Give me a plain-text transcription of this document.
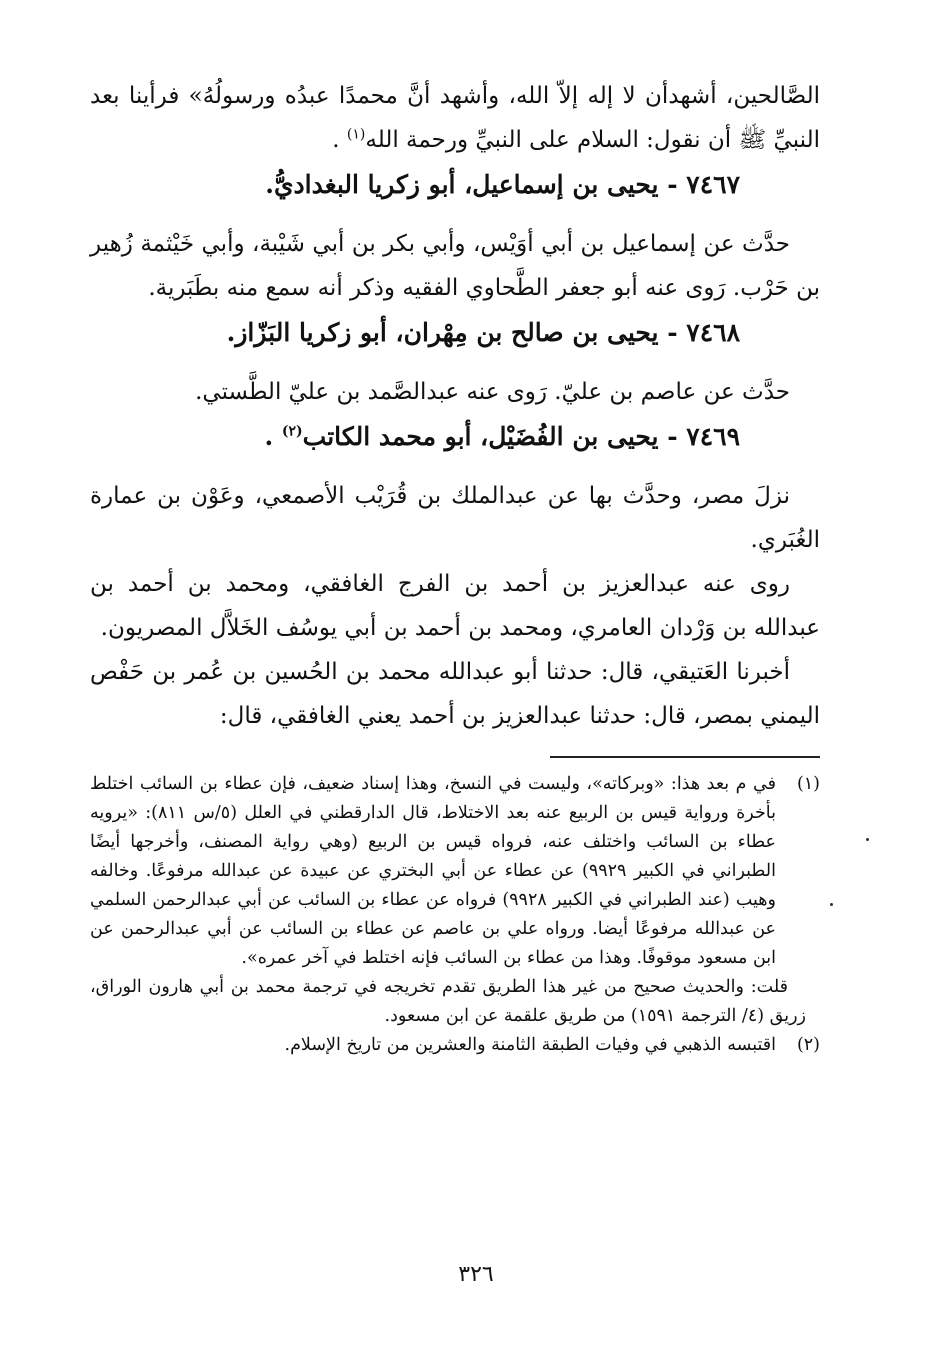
الصَّالحين، أشهدأن لا إله إلاّ الله، وأشهد أنَّ محمدًا عبدُه ورسولُهُ» فرأينا بعد النبيِّ ﷺ أن نقول: السلام على النبيِّ ورحمة الله$^{(١)}$ .

٧٤٦٧ - يحيى بن إسماعيل، أبو زكريا البغداديُّ.

حدَّث عن إسماعيل بن أبي أوَيْس، وأبي بكر بن أبي شَيْبة، وأبي خَيْثمة زُهير بن حَرْب. رَوى عنه أبو جعفر الطَّحاوي الفقيه وذكر أنه سمع منه بطَبَرية.

٧٤٦٨ - يحيى بن صالح بن مِهْران، أبو زكريا البَزّاز.

حدَّث عن عاصم بن عليّ. رَوى عنه عبدالصَّمد بن عليّ الطَّستي.

٧٤٦٩ - يحيى بن الفُضَيْل، أبو محمد الكاتب$^{(٢)}$ .

نزلَ مصر، وحدَّث بها عن عبدالملك بن قُرَيْب الأصمعي، وعَوْن بن عمارة الغُبَري.

روى عنه عبدالعزيز بن أحمد بن الفرج الغافقي، ومحمد بن أحمد بن عبدالله بن وَرْدان العامري، ومحمد بن أحمد بن أبي يوسُف الخَلاَّل المصريون.

أخبرنا العَتيقي، قال: حدثنا أبو عبدالله محمد بن الحُسين بن عُمر بن حَفْص اليمني بمصر، قال: حدثنا عبدالعزيز بن أحمد يعني الغافقي، قال:

(١)
في م بعد هذا: «وبركاته»، وليست في النسخ، وهذا إسناد ضعيف، فإن عطاء بن السائب اختلط بأخرة ورواية قيس بن الربيع عنه بعد الاختلاط، قال الدارقطني في العلل (٥/س ٨١١): «يرويه عطاء بن السائب واختلف عنه، فرواه قيس بن الربيع (وهي رواية المصنف، وأخرجها أيضًا الطبراني في الكبير ٩٩٢٩) عن عطاء عن أبي البختري عن عبيدة عن عبدالله مرفوعًا. وخالفه وهيب (عند الطبراني في الكبير ٩٩٢٨) فرواه عن عطاء بن السائب عن أبي عبدالرحمن السلمي عن عبدالله مرفوعًا أيضا. ورواه علي بن عاصم عن عطاء بن السائب عن أبي عبدالرحمن عن ابن مسعود موقوفًا. وهذا من عطاء بن السائب فإنه اختلط في آخر عمره».

قلت: والحديث صحيح من غير هذا الطريق تقدم تخريجه في ترجمة محمد بن أبي هارون الوراق، زريق (٤/ الترجمة ١٥٩١) من طريق علقمة عن ابن مسعود.

(٢)
اقتبسه الذهبي في وفيات الطبقة الثامنة والعشرين من تاريخ الإسلام.
٣٢٦
